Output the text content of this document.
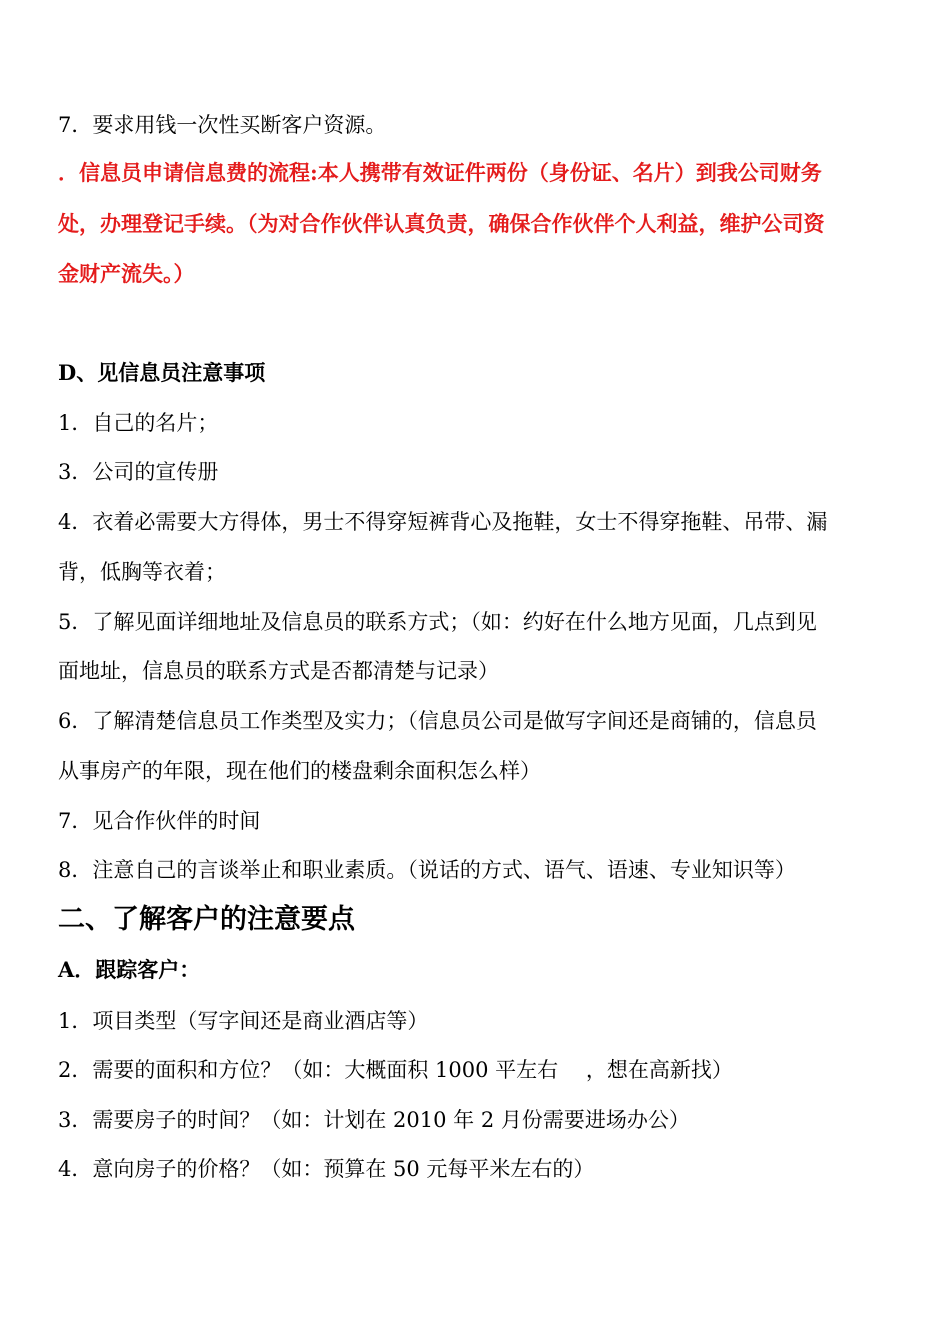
7．要求用钱一次性买断客户资源。
．信息员申请信息费的流程:本人携带有效证件两份（身份证、名片）到我公司财务
处，办理登记手续。（为对合作伙伴认真负责，确保合作伙伴个人利益，维护公司资
金财产流失。）
D、见信息员注意事项
1．自己的名片；
3．公司的宣传册
4．衣着必需要大方得体，男士不得穿短裤背心及拖鞋，女士不得穿拖鞋、吊带、漏
背，低胸等衣着；
5．了解见面详细地址及信息员的联系方式；（如：约好在什么地方见面，几点到见
面地址，信息员的联系方式是否都清楚与记录）
6．了解清楚信息员工作类型及实力；（信息员公司是做写字间还是商铺的，信息员
从事房产的年限，现在他们的楼盘剩余面积怎么样）
7．见合作伙伴的时间
8．注意自己的言谈举止和职业素质。（说话的方式、语气、语速、专业知识等）
二、了解客户的注意要点
A．跟踪客户：
1．项目类型（写字间还是商业酒店等）
2．需要的面积和方位？（如：大概面积 1000 平左右　 ，想在高新找）
3．需要房子的时间？（如：计划在 2010 年 2 月份需要进场办公）
4．意向房子的价格？（如：预算在 50 元每平米左右的）
